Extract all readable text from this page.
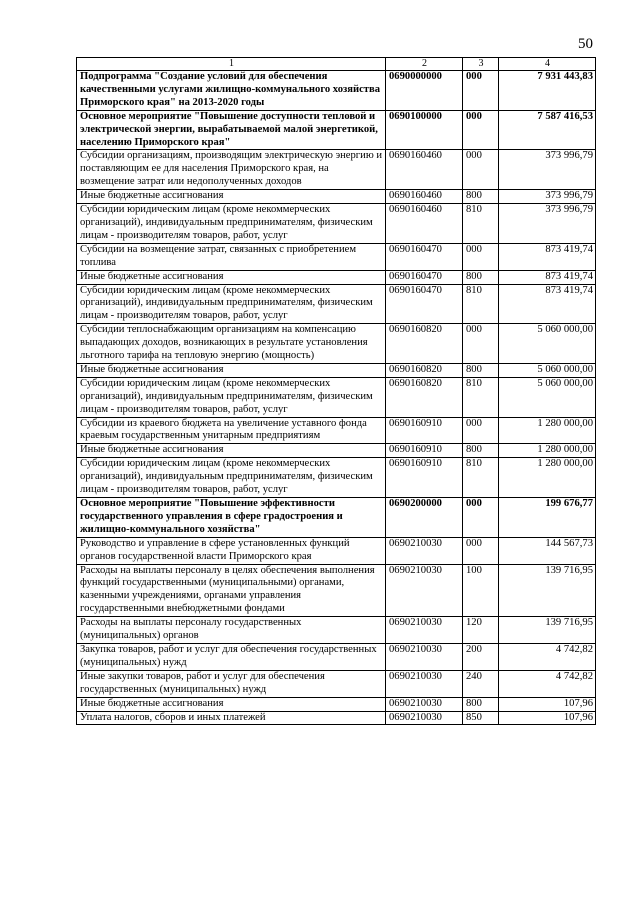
50
1	2	3	4
Подпрограмма "Создание условий для обеспечения качественными услугами жилищно-коммунального хозяйства Приморского края" на 2013-2020 годы	0690000000	000	7 931 443,83
Основное мероприятие "Повышение доступности тепловой и электрической энергии, вырабатываемой малой энергетикой, населению Приморского края"	0690100000	000	7 587 416,53
Субсидии организациям, производящим электрическую энергию и поставляющим ее для населения Приморского края, на возмещение затрат или недополученных доходов	0690160460	000	373 996,79
Иные бюджетные ассигнования	0690160460	800	373 996,79
Субсидии юридическим лицам (кроме некоммерческих организаций), индивидуальным предпринимателям, физическим лицам - производителям товаров, работ, услуг	0690160460	810	373 996,79
Субсидии на возмещение затрат, связанных с приобретением топлива	0690160470	000	873 419,74
Иные бюджетные ассигнования	0690160470	800	873 419,74
Субсидии юридическим лицам (кроме некоммерческих организаций), индивидуальным предпринимателям, физическим лицам - производителям товаров, работ, услуг	0690160470	810	873 419,74
Субсидии теплоснабжающим организациям на компенсацию выпадающих доходов, возникающих в результате установления льготного тарифа на тепловую энергию (мощность)	0690160820	000	5 060 000,00
Иные бюджетные ассигнования	0690160820	800	5 060 000,00
Субсидии юридическим лицам (кроме некоммерческих организаций), индивидуальным предпринимателям, физическим лицам - производителям товаров, работ, услуг	0690160820	810	5 060 000,00
Субсидии из краевого бюджета на увеличение уставного фонда краевым государственным унитарным предприятиям	0690160910	000	1 280 000,00
Иные бюджетные ассигнования	0690160910	800	1 280 000,00
Субсидии юридическим лицам (кроме некоммерческих организаций), индивидуальным предпринимателям, физическим лицам - производителям товаров, работ, услуг	0690160910	810	1 280 000,00
Основное мероприятие "Повышение эффективности государственного управления в сфере градостроения и жилищно-коммунального хозяйства"	0690200000	000	199 676,77
Руководство и управление в сфере установленных функций органов государственной власти Приморского края	0690210030	000	144 567,73
Расходы на выплаты персоналу в целях обеспечения выполнения функций государственными (муниципальными) органами, казенными учреждениями, органами управления государственными внебюджетными фондами	0690210030	100	139 716,95
Расходы на выплаты персоналу государственных (муниципальных) органов	0690210030	120	139 716,95
Закупка товаров, работ и услуг для обеспечения государственных (муниципальных) нужд	0690210030	200	4 742,82
Иные закупки товаров, работ и услуг для обеспечения государственных (муниципальных) нужд	0690210030	240	4 742,82
Иные бюджетные ассигнования	0690210030	800	107,96
Уплата налогов, сборов и иных платежей	0690210030	850	107,96
